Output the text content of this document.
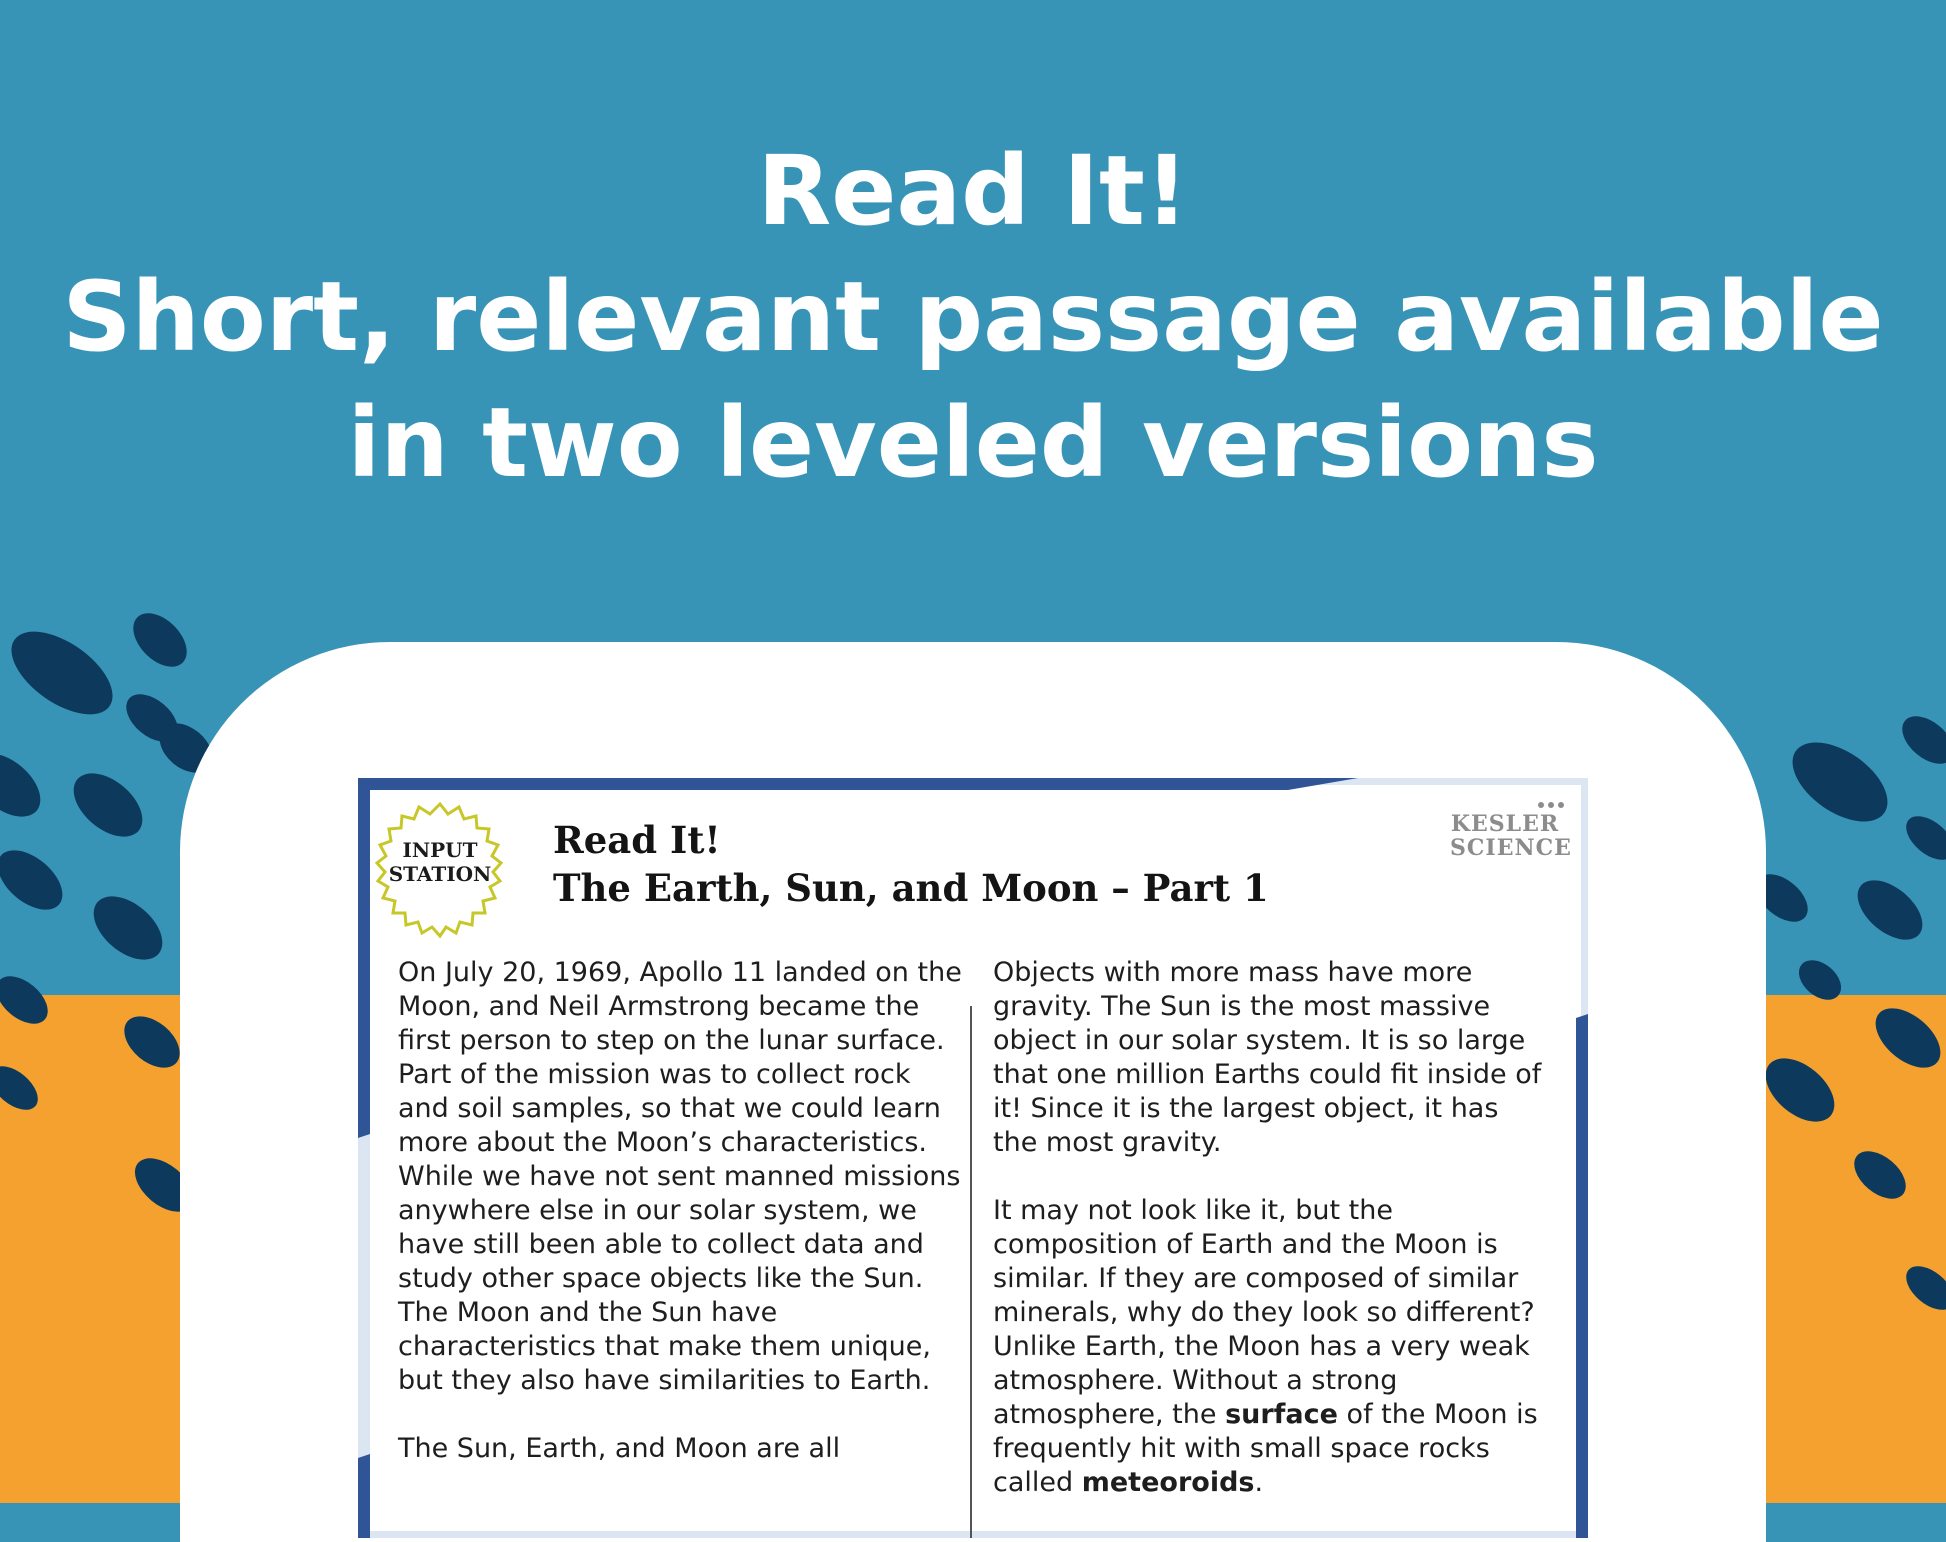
Read It!
Short, relevant passage available
in two leveled versions
INPUT
STATION
Read It!
The Earth, Sun, and Moon – Part 1
KESLER
SCIENCE

On July 20, 1969, Apollo 11 landed on the Moon, and Neil Armstrong became the first person to step on the lunar surface. Part of the mission was to collect rock and soil samples, so that we could learn more about the Moon’s characteristics. While we have not sent manned missions anywhere else in our solar system, we have still been able to collect data and study other space objects like the Sun. The Moon and the Sun have characteristics that make them unique, but they also have similarities to Earth.

The Sun, Earth, and Moon are all

Objects with more mass have more gravity. The Sun is the most massive object in our solar system. It is so large that one million Earths could fit inside of it! Since it is the largest object, it has the most gravity.

It may not look like it, but the composition of Earth and the Moon is similar. If they are composed of similar minerals, why do they look so different? Unlike Earth, the Moon has a very weak atmosphere. Without a strong atmosphere, the surface of the Moon is frequently hit with small space rocks called meteoroids.
